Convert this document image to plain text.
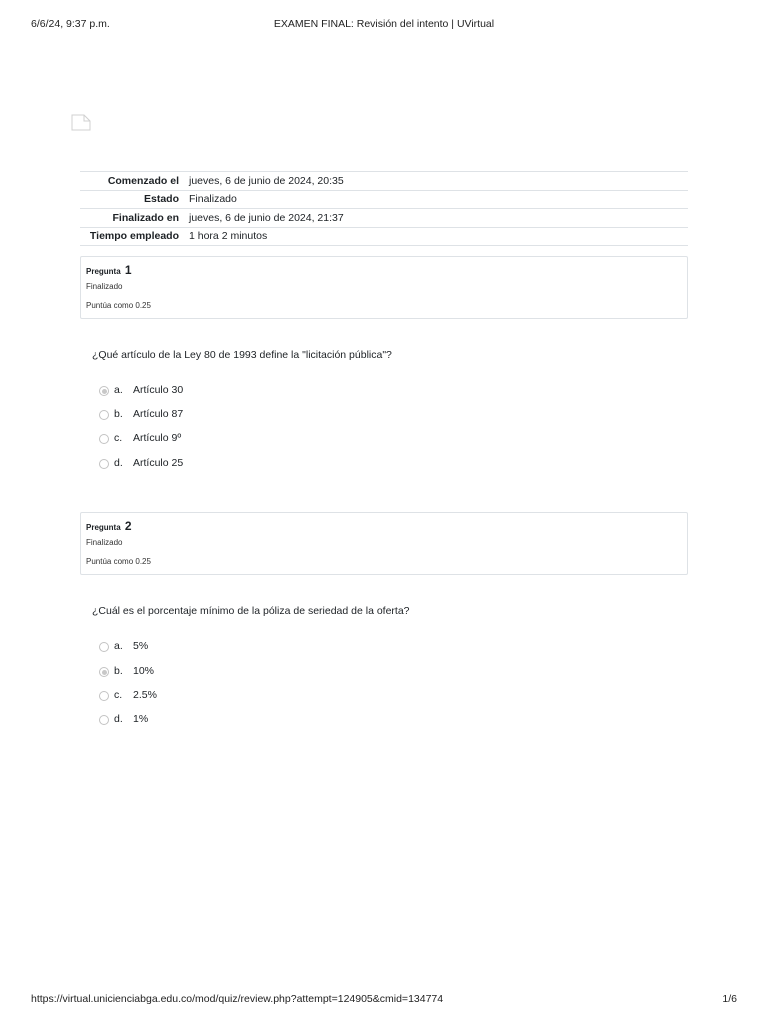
6/6/24, 9:37 p.m.	EXAMEN FINAL: Revisión del intento | UVirtual
Comenzado el	jueves, 6 de junio de 2024, 20:35
Estado	Finalizado
Finalizado en	jueves, 6 de junio de 2024, 21:37
Tiempo empleado	1 hora 2 minutos
Pregunta 1
Finalizado
Puntúa como 0.25
¿Qué artículo de la Ley 80 de 1993 define la "licitación pública"?
a. Artículo 30
b. Artículo 87
c. Artículo 9º
d. Artículo 25
Pregunta 2
Finalizado
Puntúa como 0.25
¿Cuál es el porcentaje mínimo de la póliza de seriedad de la oferta?
a. 5%
b. 10%
c. 2.5%
d. 1%
https://virtual.unicienciabga.edu.co/mod/quiz/review.php?attempt=124905&cmid=134774	1/6
